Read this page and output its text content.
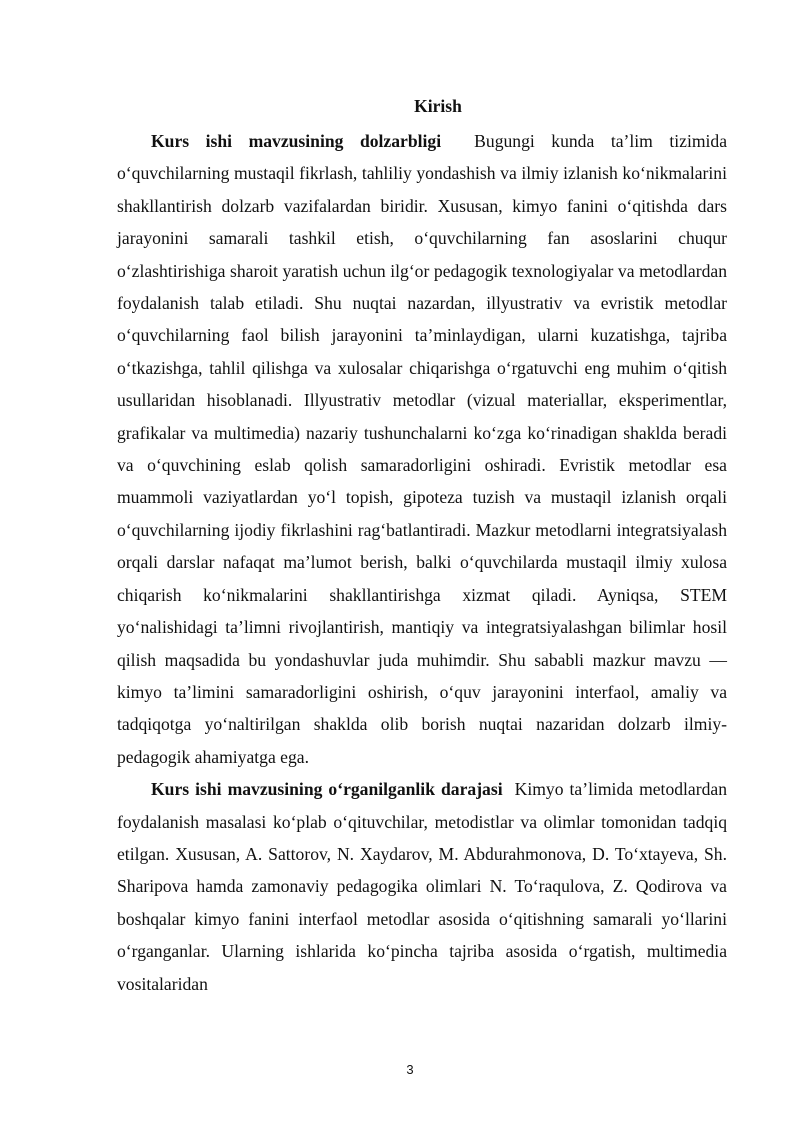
Kirish

Kurs ishi mavzusining dolzarbligi Bugungi kunda ta’lim tizimida o‘quvchilarning mustaqil fikrlash, tahliliy yondashish va ilmiy izlanish ko‘nikmalarini shakllantirish dolzarb vazifalardan biridir. Xususan, kimyo fanini o‘qitishda dars jarayonini samarali tashkil etish, o‘quvchilarning fan asoslarini chuqur o‘zlashtirishiga sharoit yaratish uchun ilg‘or pedagogik texnologiyalar va metodlardan foydalanish talab etiladi. Shu nuqtai nazardan, illyustrativ va evristik metodlar o‘quvchilarning faol bilish jarayonini ta’minlaydigan, ularni kuzatishga, tajriba o‘tkazishga, tahlil qilishga va xulosalar chiqarishga o‘rgatuvchi eng muhim o‘qitish usullaridan hisoblanadi. Illyustrativ metodlar (vizual materiallar, eksperimentlar, grafikalar va multimedia) nazariy tushunchalarni ko‘zga ko‘rinadigan shaklda beradi va o‘quvchining eslab qolish samaradorligini oshiradi. Evristik metodlar esa muammoli vaziyatlardan yo‘l topish, gipoteza tuzish va mustaqil izlanish orqali o‘quvchilarning ijodiy fikrlashini rag‘batlantiradi. Mazkur metodlarni integratsiyalash orqali darslar nafaqat ma’lumot berish, balki o‘quvchilarda mustaqil ilmiy xulosa chiqarish ko‘nikmalarini shakllantirishga xizmat qiladi. Ayniqsa, STEM yo‘nalishidagi ta’limni rivojlantirish, mantiqiy va integratsiyalashgan bilimlar hosil qilish maqsadida bu yondashuvlar juda muhimdir. Shu sababli mazkur mavzu — kimyo ta’limini samaradorligini oshirish, o‘quv jarayonini interfaol, amaliy va tadqiqotga yo‘naltirilgan shaklda olib borish nuqtai nazaridan dolzarb ilmiy-pedagogik ahamiyatga ega.

Kurs ishi mavzusining o‘rganilganlik darajasi Kimyo ta’limida metodlardan foydalanish masalasi ko‘plab o‘qituvchilar, metodistlar va olimlar tomonidan tadqiq etilgan. Xususan, A. Sattorov, N. Xaydarov, M. Abdurahmonova, D. To‘xtayeva, Sh. Sharipova hamda zamonaviy pedagogika olimlari N. To‘raqulova, Z. Qodirova va boshqalar kimyo fanini interfaol metodlar asosida o‘qitishning samarali yo‘llarini o‘rganganlar. Ularning ishlarida ko‘pincha tajriba asosida o‘rgatish, multimedia vositalaridan

3
